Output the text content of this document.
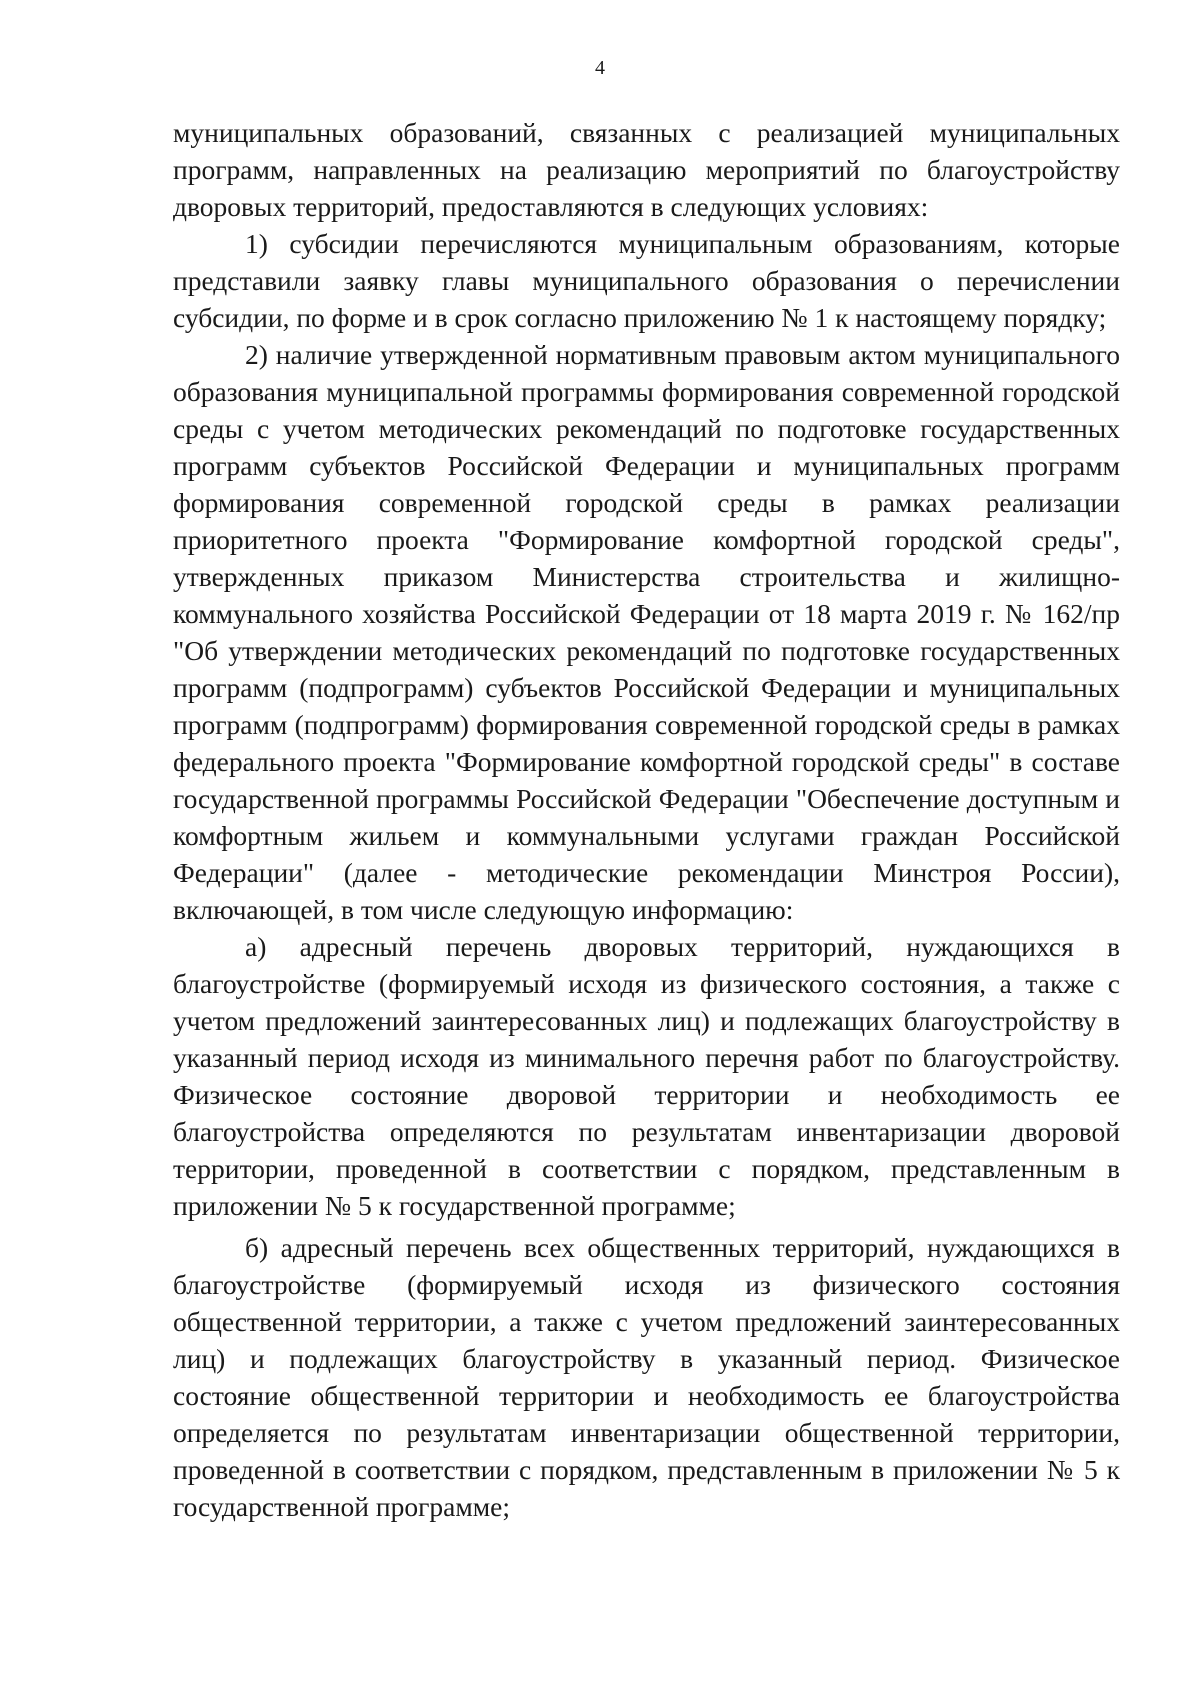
4

муниципальных образований, связанных с реализацией муниципальных программ, направленных на реализацию мероприятий по благоустройству дворовых территорий, предоставляются в следующих условиях:

1) субсидии перечисляются муниципальным образованиям, которые представили заявку главы муниципального образования о перечислении субсидии, по форме и в срок согласно приложению № 1 к настоящему порядку;

2) наличие утвержденной нормативным правовым актом муниципального образования муниципальной программы формирования современной городской среды с учетом методических рекомендаций по подготовке государственных программ субъектов Российской Федерации и муниципальных программ формирования современной городской среды в рамках реализации приоритетного проекта "Формирование комфортной городской среды", утвержденных приказом Министерства строительства и жилищно-коммунального хозяйства Российской Федерации от 18 марта 2019 г. № 162/пр "Об утверждении методических рекомендаций по подготовке государственных программ (подпрограмм) субъектов Российской Федерации и муниципальных программ (подпрограмм) формирования современной городской среды в рамках федерального проекта "Формирование комфортной городской среды" в составе государственной программы Российской Федерации "Обеспечение доступным и комфортным жильем и коммунальными услугами граждан Российской Федерации" (далее - методические рекомендации Минстроя России), включающей, в том числе следующую информацию:

а) адресный перечень дворовых территорий, нуждающихся в благоустройстве (формируемый исходя из физического состояния, а также с учетом предложений заинтересованных лиц) и подлежащих благоустройству в указанный период исходя из минимального перечня работ по благоустройству. Физическое состояние дворовой территории и необходимость ее благоустройства определяются по результатам инвентаризации дворовой территории, проведенной в соответствии с порядком, представленным в приложении № 5 к государственной программе;

б) адресный перечень всех общественных территорий, нуждающихся в благоустройстве (формируемый исходя из физического состояния общественной территории, а также с учетом предложений заинтересованных лиц) и подлежащих благоустройству в указанный период. Физическое состояние общественной территории и необходимость ее благоустройства определяется по результатам инвентаризации общественной территории, проведенной в соответствии с порядком, представленным в приложении № 5 к государственной программе;
